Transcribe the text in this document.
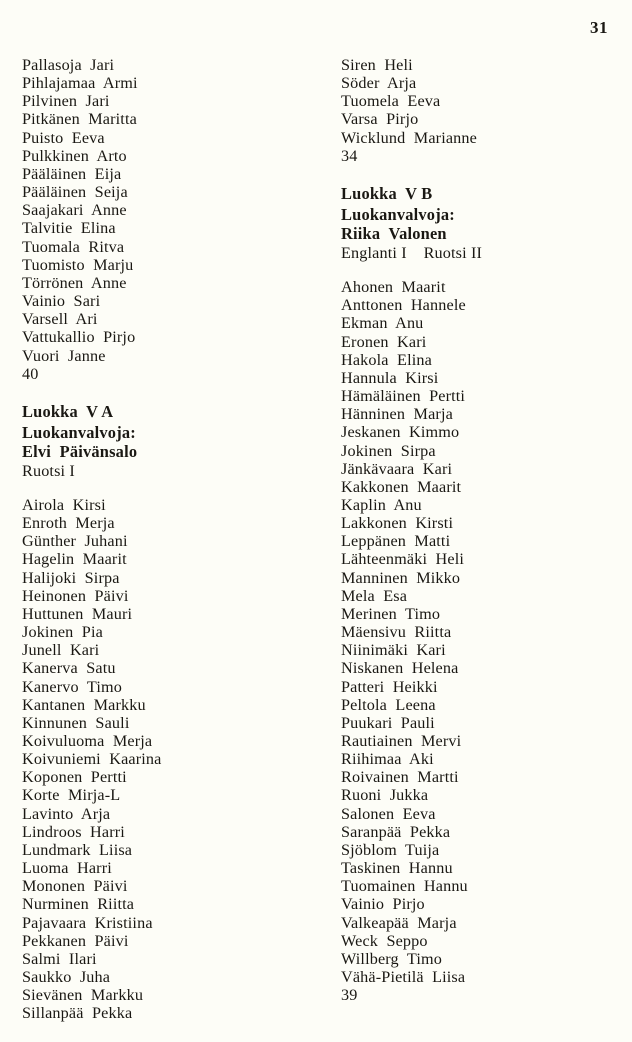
31
Pallasoja  Jari
Pihlajamaa  Armi
Pilvinen  Jari
Pitkänen  Maritta
Puisto  Eeva
Pulkkinen  Arto
Pääläinen  Eija
Pääläinen  Seija
Saajakari  Anne
Talvitie  Elina
Tuomala  Ritva
Tuomisto  Marju
Törrönen  Anne
Vainio  Sari
Varsell  Ari
Vattukallio  Pirjo
Vuori  Janne
40
Luokka  V A
Luokanvalvoja:
Elvi  Päivänsalo
Ruotsi I
Airola  Kirsi
Enroth  Merja
Günther  Juhani
Hagelin  Maarit
Halijoki  Sirpa
Heinonen  Päivi
Huttunen  Mauri
Jokinen  Pia
Junell  Kari
Kanerva  Satu
Kanervo  Timo
Kantanen  Markku
Kinnunen  Sauli
Koivuluoma  Merja
Koivuniemi  Kaarina
Koponen  Pertti
Korte  Mirja-L
Lavinto  Arja
Lindroos  Harri
Lundmark  Liisa
Luoma  Harri
Mononen  Päivi
Nurminen  Riitta
Pajavaara  Kristiina
Pekkanen  Päivi
Salmi  Ilari
Saukko  Juha
Sievänen  Markku
Sillanpää  Pekka
Siren  Heli
Söder  Arja
Tuomela  Eeva
Varsa  Pirjo
Wicklund  Marianne
34
Luokka  V B
Luokanvalvoja:
Riika  Valonen
Englanti I    Ruotsi II
Ahonen  Maarit
Anttonen  Hannele
Ekman  Anu
Eronen  Kari
Hakola  Elina
Hannula  Kirsi
Hämäläinen  Pertti
Hänninen  Marja
Jeskanen  Kimmo
Jokinen  Sirpa
Jänkävaara  Kari
Kakkonen  Maarit
Kaplin  Anu
Lakkonen  Kirsti
Leppänen  Matti
Lähteenmäki  Heli
Manninen  Mikko
Mela  Esa
Merinen  Timo
Mäensivu  Riitta
Niinimäki  Kari
Niskanen  Helena
Patteri  Heikki
Peltola  Leena
Puukari  Pauli
Rautiainen  Mervi
Riihimaa  Aki
Roivainen  Martti
Ruoni  Jukka
Salonen  Eeva
Saranpää  Pekka
Sjöblom  Tuija
Taskinen  Hannu
Tuomainen  Hannu
Vainio  Pirjo
Valkeapää  Marja
Weck  Seppo
Willberg  Timo
Vähä-Pietilä  Liisa
39
